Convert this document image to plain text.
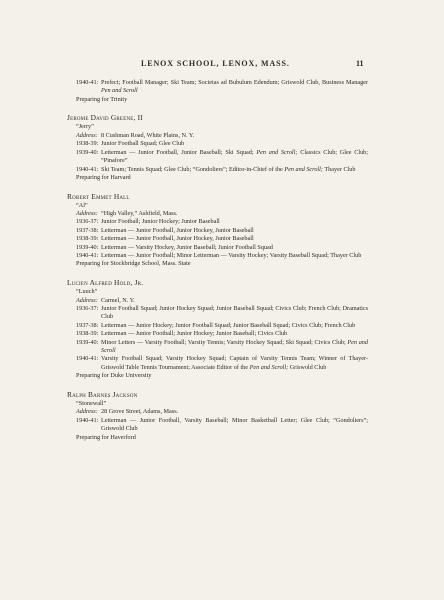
LENOX SCHOOL, LENOX, MASS.	11
1940-41: Prefect; Football Manager; Ski Team; Societas ad Bubulum Edendum; Griswold Club, Business Manager Pen and Scroll
Preparing for Trinity
Jerome David Greene, II
“Jerry”
Address: 8 Cushman Road, White Plains, N. Y.
1938-39: Junior Football Squad; Glee Club
1939-40: Letterman — Junior Football, Junior Baseball; Ski Squad; Pen and Scroll; Classics Club; Glee Club; “Pinafore”
1940-41: Ski Team; Tennis Squad; Glee Club; “Gondoliers”; Editor-in-Chief of the Pen and Scroll; Thayer Club
Preparing for Harvard
Robert Emmet Hall
“Al”
Address: “High Valley,” Ashfield, Mass.
1936-37: Junior Football; Junior Hockey; Junior Baseball
1937-38: Letterman — Junior Football, Junior Hockey, Junior Baseball
1938-39: Letterman — Junior Football, Junior Hockey, Junior Baseball
1939-40: Letterman — Varsity Hockey, Junior Baseball; Junior Football Squad
1940-41: Letterman — Junior Football; Minor Letterman — Varsity Hockey; Varsity Baseball Squad; Thayer Club
Preparing for Stockbridge School, Mass. State
Lucien Alfred Hold, Jr.
“Luuch”
Address: Carmel, N. Y.
1936-37: Junior Football Squad; Junior Hockey Squad; Junior Baseball Squad; Civics Club; French Club; Dramatics Club
1937-38: Letterman — Junior Hockey; Junior Football Squad; Junior Baseball Squad; Civics Club; French Club
1938-39: Letterman — Junior Football; Junior Hockey; Junior Baseball; Civics Club
1939-40: Minor Letters — Varsity Football; Varsity Tennis; Varsity Hockey Squad; Ski Squad; Civics Club; Pen and Scroll
1940-41: Varsity Football Squad; Varsity Hockey Squad; Captain of Varsity Tennis Team; Winner of Thayer-Griswold Table Tennis Tournament; Associate Editor of the Pen and Scroll; Griswold Club
Preparing for Duke University
Ralph Barnes Jackson
“Stonewall”
Address: 28 Grove Street, Adams, Mass.
1940-41: Letterman — Junior Football, Varsity Baseball; Minor Basketball Letter; Glee Club; “Gondoliers”; Griswold Club
Preparing for Haverford
